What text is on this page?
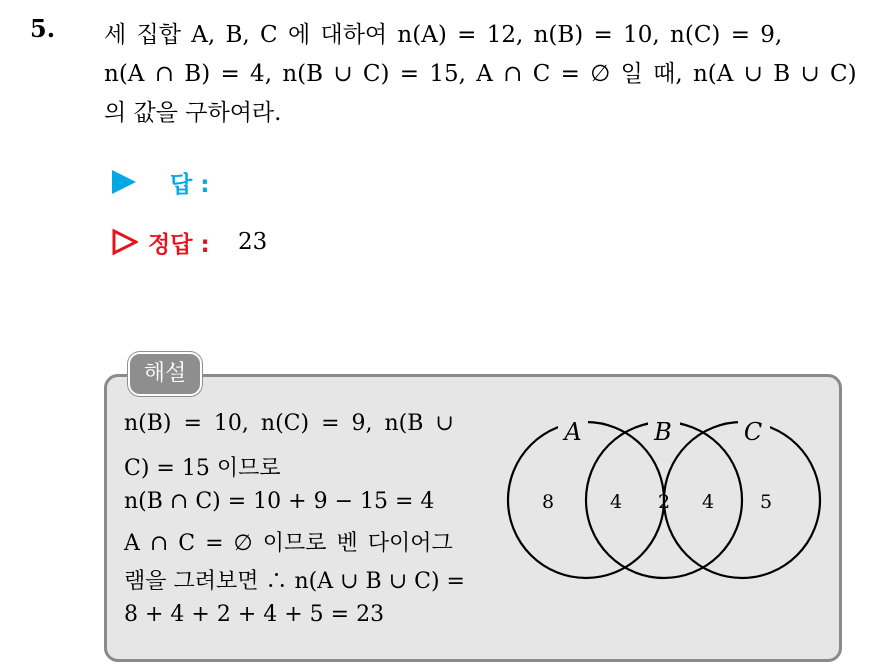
5. 세 집합 A, B, C 에 대하여 n(A) = 12, n(B) = 10, n(C) = 9,
n(A ∩ B) = 4, n(B ∪ C) = 15, A ∩ C = ∅ 일 때, n(A ∪ B ∪ C)
의 값을 구하여라.
답 :
정답 : 23
해설
n(B) = 10, n(C) = 9, n(B ∪
C) = 15 이므로
n(B ∩ C) = 10 + 9 − 15 = 4
A ∩ C = ∅ 이므로 벤 다이어그
램을 그려보면 ∴ n(A ∪ B ∪ C) =
8 + 4 + 2 + 4 + 5 = 23
A	B	C
8	4 2 4 5
